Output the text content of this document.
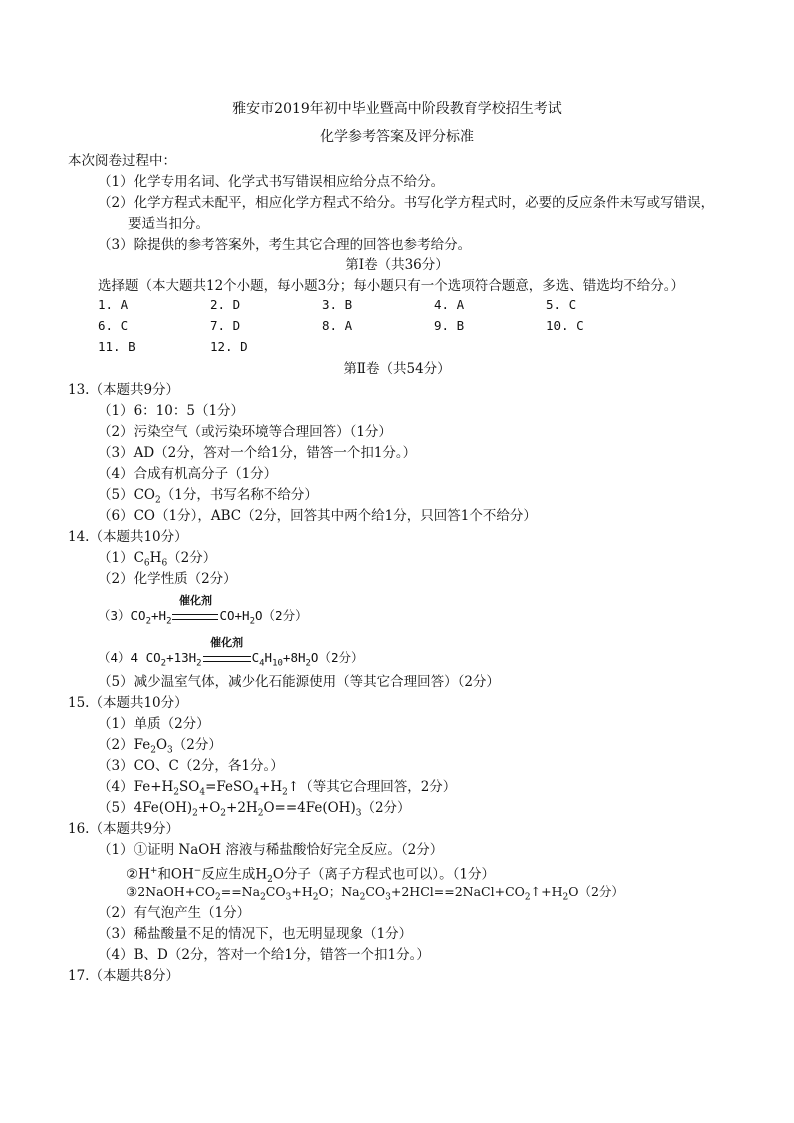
雅安市2019年初中毕业暨高中阶段教育学校招生考试
化学参考答案及评分标准
本次阅卷过程中：
（1）化学专用名词、化学式书写错误相应给分点不给分。
（2）化学方程式未配平，相应化学方程式不给分。书写化学方程式时，必要的反应条件未写或写错误，
要适当扣分。
（3）除提供的参考答案外，考生其它合理的回答也参考给分。
第Ⅰ卷（共36分）
选择题（本大题共12个小题，每小题3分；每小题只有一个选项符合题意，多选、错选均不给分。）
1. A	2. D	3. B	4. A	5. C
6. C	7. D	8. A	9. B	10. C
11. B	12. D
第Ⅱ卷（共54分）
13.（本题共9分）
（1）6：10：5（1分）
（2）污染空气（或污染环境等合理回答）（1分）
（3）AD（2分，答对一个给1分，错答一个扣1分。）
（4）合成有机高分子（1分）
$(5)CO_2(1$分，书写名称不给分）
（6）CO（1分），ABC（2分，回答其中两个给1分，只回答1个不给分）
14.（本题共10分）
$(1)C_6H_6(2$分）
（2）化学性质（2分）
$(3)CO_2+H_2$
催化剂
$CO+H_2O(2$分）
（4）4 $CO_2+13H_2$
催化剂
$C_4H_{10}+8H_2O(2$分）
（5）减少温室气体，减少化石能源使用（等其它合理回答）（2分）
15.（本题共10分）
（1）单质（2分）
$(2)Fe_2O_3(2$分）
（3）CO、C（2分，各1分。）
$(4)Fe+H_2SO_4=FeSO_4+H_2↑$（等其它合理回答，2分）
$(5)4Fe(OH)_2+O_2+2H_2O==4Fe(OH)_3(2$分）
16.（本题共9分）
（1）①证明 NaOH 溶液与稀盐酸恰好完全反应。（2分）
②H+和OH−反应生成$H_2O$分子（离子方程式也可以）。（1分）
$③2NaOH+CO_2==Na_2CO_3+H_2O$；$Na_2CO_3+2HCl==2NaCl+CO_2↑+H_2O(2$分）
（2）有气泡产生（1分）
（3）稀盐酸量不足的情况下，也无明显现象（1分）
（4）B、D（2分，答对一个给1分，错答一个扣1分。）
17.（本题共8分）
